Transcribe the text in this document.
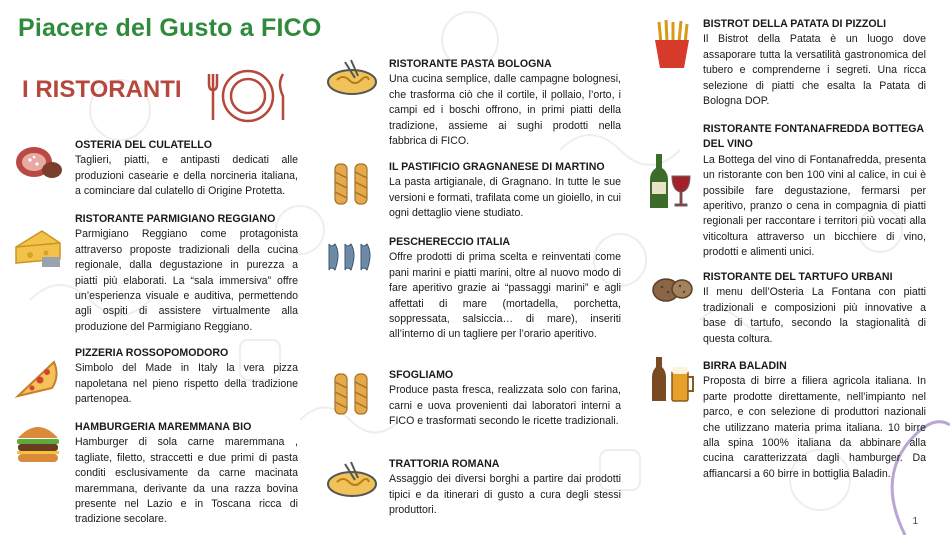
Piacere del Gusto a FICO
I RISTORANTI
OSTERIA DEL CULATELLO

Taglieri, piatti, e antipasti dedicati alle produzioni casearie e della norcineria italiana, a cominciare dal culatello di Origine Protetta.

RISTORANTE PARMIGIANO REGGIANO

Parmigiano Reggiano come protagonista attraverso proposte tradizionali della cucina regionale, dalla degustazione in purezza a piatti più elaborati. La “sala immersiva” offre un’esperienza visuale e auditiva, permettendo agli ospiti di assistere virtualmente alla produzione del Parmigiano Reggiano.

PIZZERIA ROSSOPOMODORO

Simbolo del Made in Italy la vera pizza napoletana nel pieno rispetto della tradizione partenopea.

HAMBURGERIA MAREMMANA BIO

Hamburger di sola carne maremmana , tagliate, filetto, straccetti e due primi di pasta conditi esclusivamente da carne macinata maremmana, derivante da una razza bovina presente nel Lazio e in Toscana ricca di tradizione secolare.

RISTORANTE PASTA BOLOGNA

Una cucina semplice, dalle campagne bolognesi, che trasforma ciò che il cortile, il pollaio, l’orto, i campi ed i boschi offrono, in primi piatti della tradizione, assieme ai sughi prodotti nella fabbrica di FICO.

IL PASTIFICIO GRAGNANESE DI MARTINO

La pasta artigianale, di Gragnano. In tutte le sue versioni e formati, trafilata come un gioiello, in cui ogni dettaglio viene studiato.

PESCHERECCIO ITALIA

Offre prodotti di prima scelta e reinventati come pani marini e piatti marini, oltre al nuovo modo di fare aperitivo grazie ai “passaggi marini” e agli affettati di mare (mortadella, porchetta, soppressata, salsiccia… di mare), inseriti all’interno di un tagliere per l’orario aperitivo.

SFOGLIAMO

Produce pasta fresca, realizzata solo con farina, carni e uova provenienti dai laboratori interni a FICO e trasformati secondo le ricette tradizionali.

TRATTORIA ROMANA

Assaggio dei diversi borghi a partire dai prodotti tipici e da itinerari di gusto a cura degli stessi produttori.

BISTROT DELLA PATATA DI PIZZOLI

Il Bistrot della Patata è un luogo dove assaporare tutta la versatilità gastronomica del tubero e comprenderne i segreti. Una ricca selezione di piatti che esalta la Patata di Bologna DOP.

RISTORANTE FONTANAFREDDA BOTTEGA DEL VINO

La Bottega del vino di Fontanafredda, presenta un ristorante con ben 100 vini al calice, in cui è possibile fare degustazione, fermarsi per aperitivo, pranzo o cena in compagnia di piatti regionali per raccontare i territori più vocati alla viticoltura attraverso un bicchiere di vino, prodotti e alimenti unici.

RISTORANTE DEL TARTUFO URBANI

Il menu dell’Osteria La Fontana con piatti tradizionali e composizioni più innovative a base di tartufo, secondo la stagionalità di questa coltura.

BIRRA BALADIN

Proposta di birre a filiera agricola italiana. In parte prodotte direttamente, nell’impianto nel parco, e con selezione di produttori nazionali che utilizzano materia prima italiana. 10 birre alla spina 100% italiana da abbinare alla cucina caratterizzata dagli hamburger. Da affiancarsi a 60 birre in bottiglia Baladin.

1
